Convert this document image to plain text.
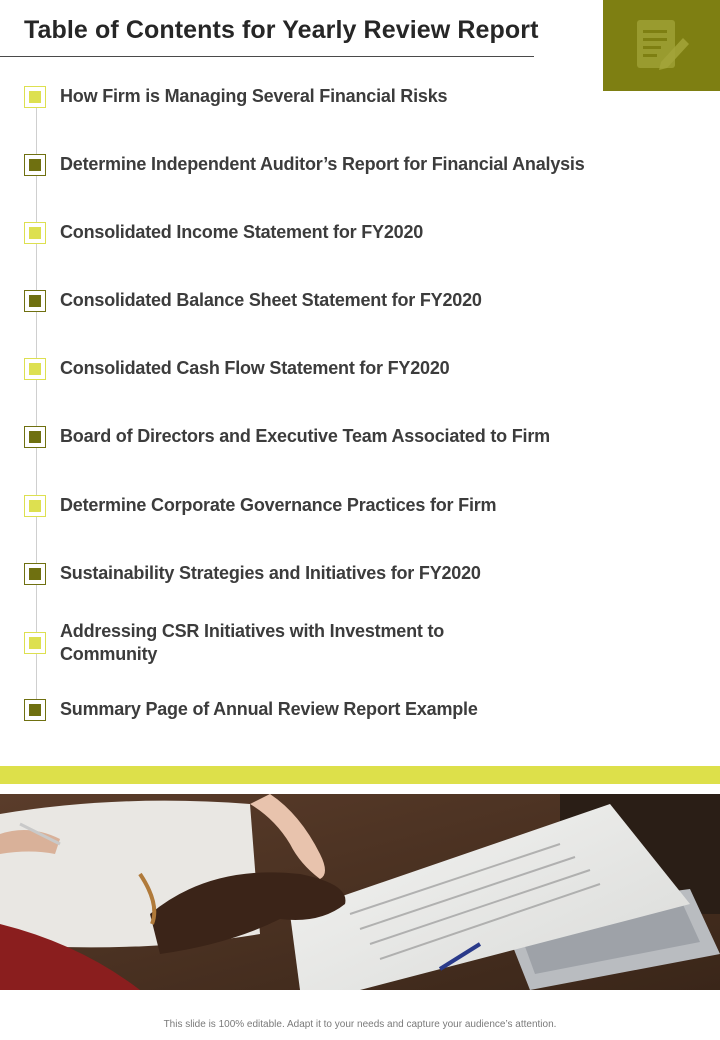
Table of Contents for Yearly Review Report
How Firm is Managing Several Financial Risks
Determine Independent Auditor’s Report for Financial Analysis
Consolidated Income Statement for FY2020
Consolidated Balance Sheet Statement for FY2020
Consolidated Cash Flow Statement for FY2020
Board of Directors and Executive Team Associated to Firm
Determine Corporate Governance Practices for Firm
Sustainability Strategies and Initiatives for FY2020
Addressing CSR Initiatives with Investment to Community
Summary Page of Annual Review Report Example
This slide is 100% editable. Adapt it to your needs and capture your audience’s attention.
